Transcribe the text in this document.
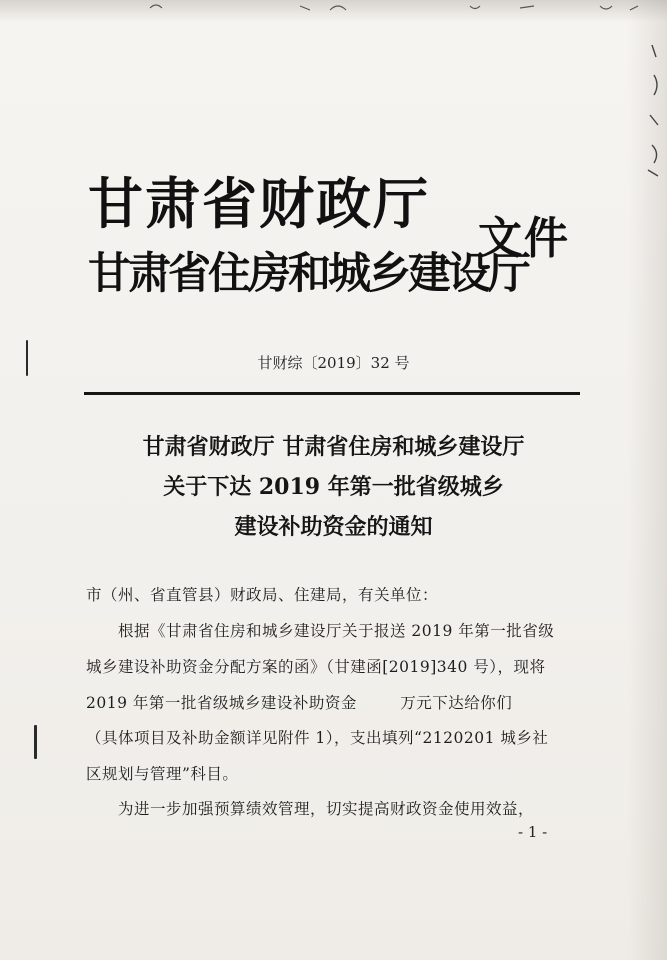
甘肃省财政厅
甘肃省住房和城乡建设厅
文件
甘财综〔2019〕32 号
甘肃省财政厅 甘肃省住房和城乡建设厅
关于下达 2019 年第一批省级城乡
建设补助资金的通知
市（州、省直管县）财政局、住建局，有关单位：
根据《甘肃省住房和城乡建设厅关于报送 2019 年第一批省级
城乡建设补助资金分配方案的函》（甘建函[2019]340 号），现将
2019 年第一批省级城乡建设补助资金        万元下达给你们
（具体项目及补助金额详见附件 1），支出填列“2120201 城乡社
区规划与管理”科目。
为进一步加强预算绩效管理，切实提高财政资金使用效益，
- 1 -
